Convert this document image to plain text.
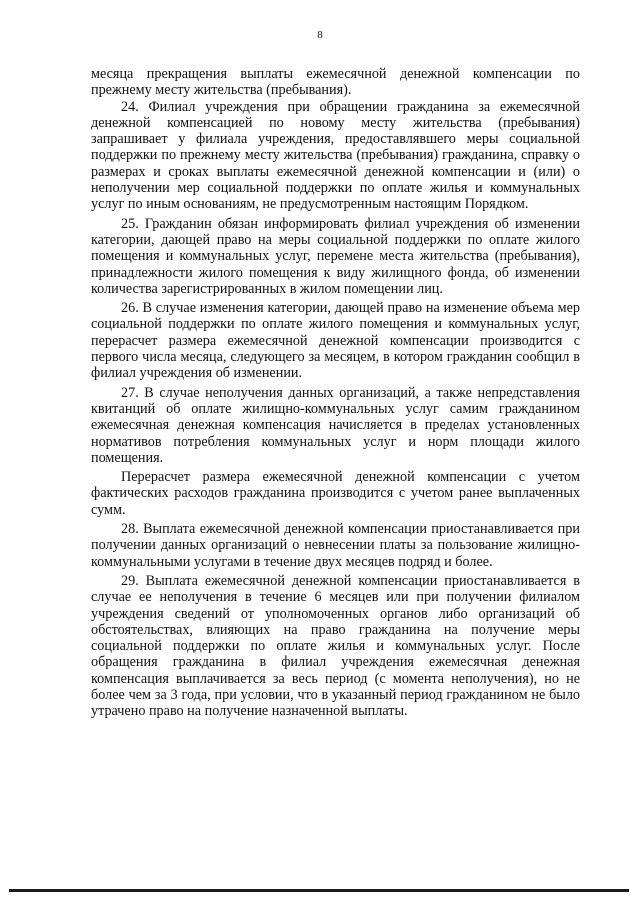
8

месяца прекращения выплаты ежемесячной денежной компенсации по прежнему месту жительства (пребывания).

24. Филиал учреждения при обращении гражданина за ежемесячной денежной компенсацией по новому месту жительства (пребывания) запрашивает у филиала учреждения, предоставлявшего меры социальной поддержки по прежнему месту жительства (пребывания) гражданина, справку о размерах и сроках выплаты ежемесячной денежной компенсации и (или) о неполучении мер социальной поддержки по оплате жилья и коммунальных услуг по иным основаниям, не предусмотренным настоящим Порядком.

25. Гражданин обязан информировать филиал учреждения об изменении категории, дающей право на меры социальной поддержки по оплате жилого помещения и коммунальных услуг, перемене места жительства (пребывания), принадлежности жилого помещения к виду жилищного фонда, об изменении количества зарегистрированных в жилом помещении лиц.

26. В случае изменения категории, дающей право на изменение объема мер социальной поддержки по оплате жилого помещения и коммунальных услуг, перерасчет размера ежемесячной денежной компенсации производится с первого числа месяца, следующего за месяцем, в котором гражданин сообщил в филиал учреждения об изменении.

27. В случае неполучения данных организаций, а также непредставления квитанций об оплате жилищно-коммунальных услуг самим гражданином ежемесячная денежная компенсация начисляется в пределах установленных нормативов потребления коммунальных услуг и норм площади жилого помещения.

Перерасчет размера ежемесячной денежной компенсации с учетом фактических расходов гражданина производится с учетом ранее выплаченных сумм.

28. Выплата ежемесячной денежной компенсации приостанавливается при получении данных организаций о невнесении платы за пользование жилищно-коммунальными услугами в течение двух месяцев подряд и более.

29. Выплата ежемесячной денежной компенсации приостанавливается в случае ее неполучения в течение 6 месяцев или при получении филиалом учреждения сведений от уполномоченных органов либо организаций об обстоятельствах, влияющих на право гражданина на получение меры социальной поддержки по оплате жилья и коммунальных услуг. После обращения гражданина в филиал учреждения ежемесячная денежная компенсация выплачивается за весь период (с момента неполучения), но не более чем за 3 года, при условии, что в указанный период гражданином не было утрачено право на получение назначенной выплаты.
